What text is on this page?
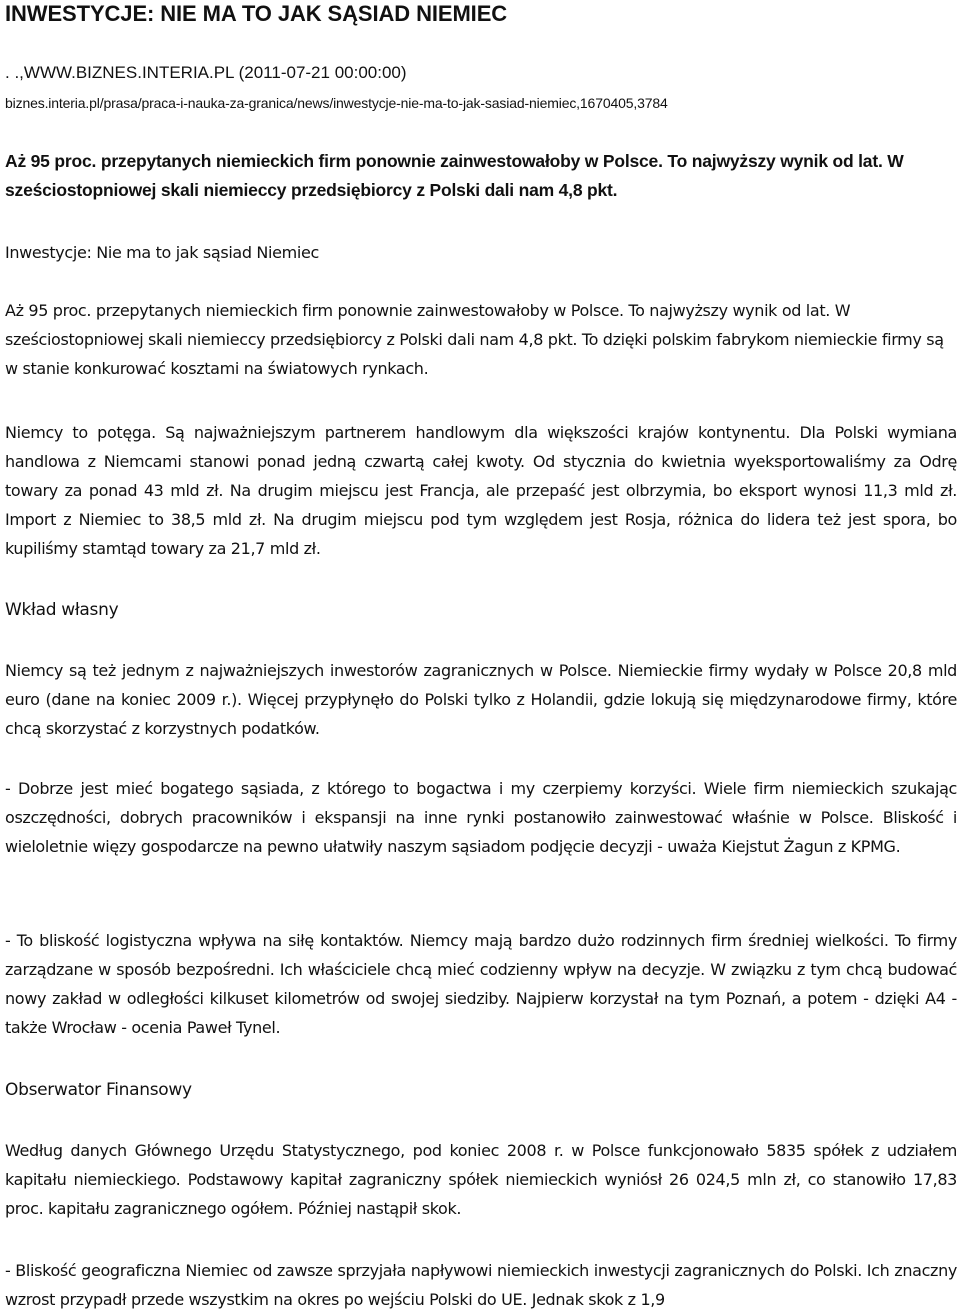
INWESTYCJE: NIE MA TO JAK SĄSIAD NIEMIEC

. .,WWW.BIZNES.INTERIA.PL (2011-07-21 00:00:00)

biznes.interia.pl/prasa/praca-i-nauka-za-granica/news/inwestycje-nie-ma-to-jak-sasiad-niemiec,1670405,3784

Aż 95 proc. przepytanych niemieckich firm ponownie zainwestowałoby w Polsce. To najwyższy wynik od lat. W sześciostopniowej skali niemieccy przedsiębiorcy z Polski dali nam 4,8 pkt.

Inwestycje: Nie ma to jak sąsiad Niemiec

Aż 95 proc. przepytanych niemieckich firm ponownie zainwestowałoby w Polsce. To najwyższy wynik od lat. W sześciostopniowej skali niemieccy przedsiębiorcy z Polski dali nam 4,8 pkt. To dzięki polskim fabrykom niemieckie firmy są w stanie konkurować kosztami na światowych rynkach.

Niemcy to potęga. Są najważniejszym partnerem handlowym dla większości krajów kontynentu. Dla Polski wymiana handlowa z Niemcami stanowi ponad jedną czwartą całej kwoty. Od stycznia do kwietnia wyeksportowaliśmy za Odrę towary za ponad 43 mld zł. Na drugim miejscu jest Francja, ale przepaść jest olbrzymia, bo eksport wynosi 11,3 mld zł. Import z Niemiec to 38,5 mld zł. Na drugim miejscu pod tym względem jest Rosja, różnica do lidera też jest spora, bo kupiliśmy stamtąd towary za 21,7 mld zł.

Wkład własny

Niemcy są też jednym z najważniejszych inwestorów zagranicznych w Polsce. Niemieckie firmy wydały w Polsce 20,8 mld euro (dane na koniec 2009 r.). Więcej przypłynęło do Polski tylko z Holandii, gdzie lokują się międzynarodowe firmy, które chcą skorzystać z korzystnych podatków.

- Dobrze jest mieć bogatego sąsiada, z którego to bogactwa i my czerpiemy korzyści. Wiele firm niemieckich szukając oszczędności, dobrych pracowników i ekspansji na inne rynki postanowiło zainwestować właśnie w Polsce. Bliskość i wieloletnie więzy gospodarcze na pewno ułatwiły naszym sąsiadom podjęcie decyzji - uważa Kiejstut Żagun z KPMG.

- To bliskość logistyczna wpływa na siłę kontaktów. Niemcy mają bardzo dużo rodzinnych firm średniej wielkości. To firmy zarządzane w sposób bezpośredni. Ich właściciele chcą mieć codzienny wpływ na decyzje. W związku z tym chcą budować nowy zakład w odległości kilkuset kilometrów od swojej siedziby. Najpierw korzystał na tym Poznań, a potem - dzięki A4 - także Wrocław - ocenia Paweł Tynel.

Obserwator Finansowy

Według danych Głównego Urzędu Statystycznego, pod koniec 2008 r. w Polsce funkcjonowało 5835 spółek z udziałem kapitału niemieckiego. Podstawowy kapitał zagraniczny spółek niemieckich wyniósł 26 024,5 mln zł, co stanowiło 17,83 proc. kapitału zagranicznego ogółem. Później nastąpił skok.

- Bliskość geograficzna Niemiec od zawsze sprzyjała napływowi niemieckich inwestycji zagranicznych do Polski. Ich znaczny wzrost przypadł przede wszystkim na okres po wejściu Polski do UE. Jednak skok z 1,9
